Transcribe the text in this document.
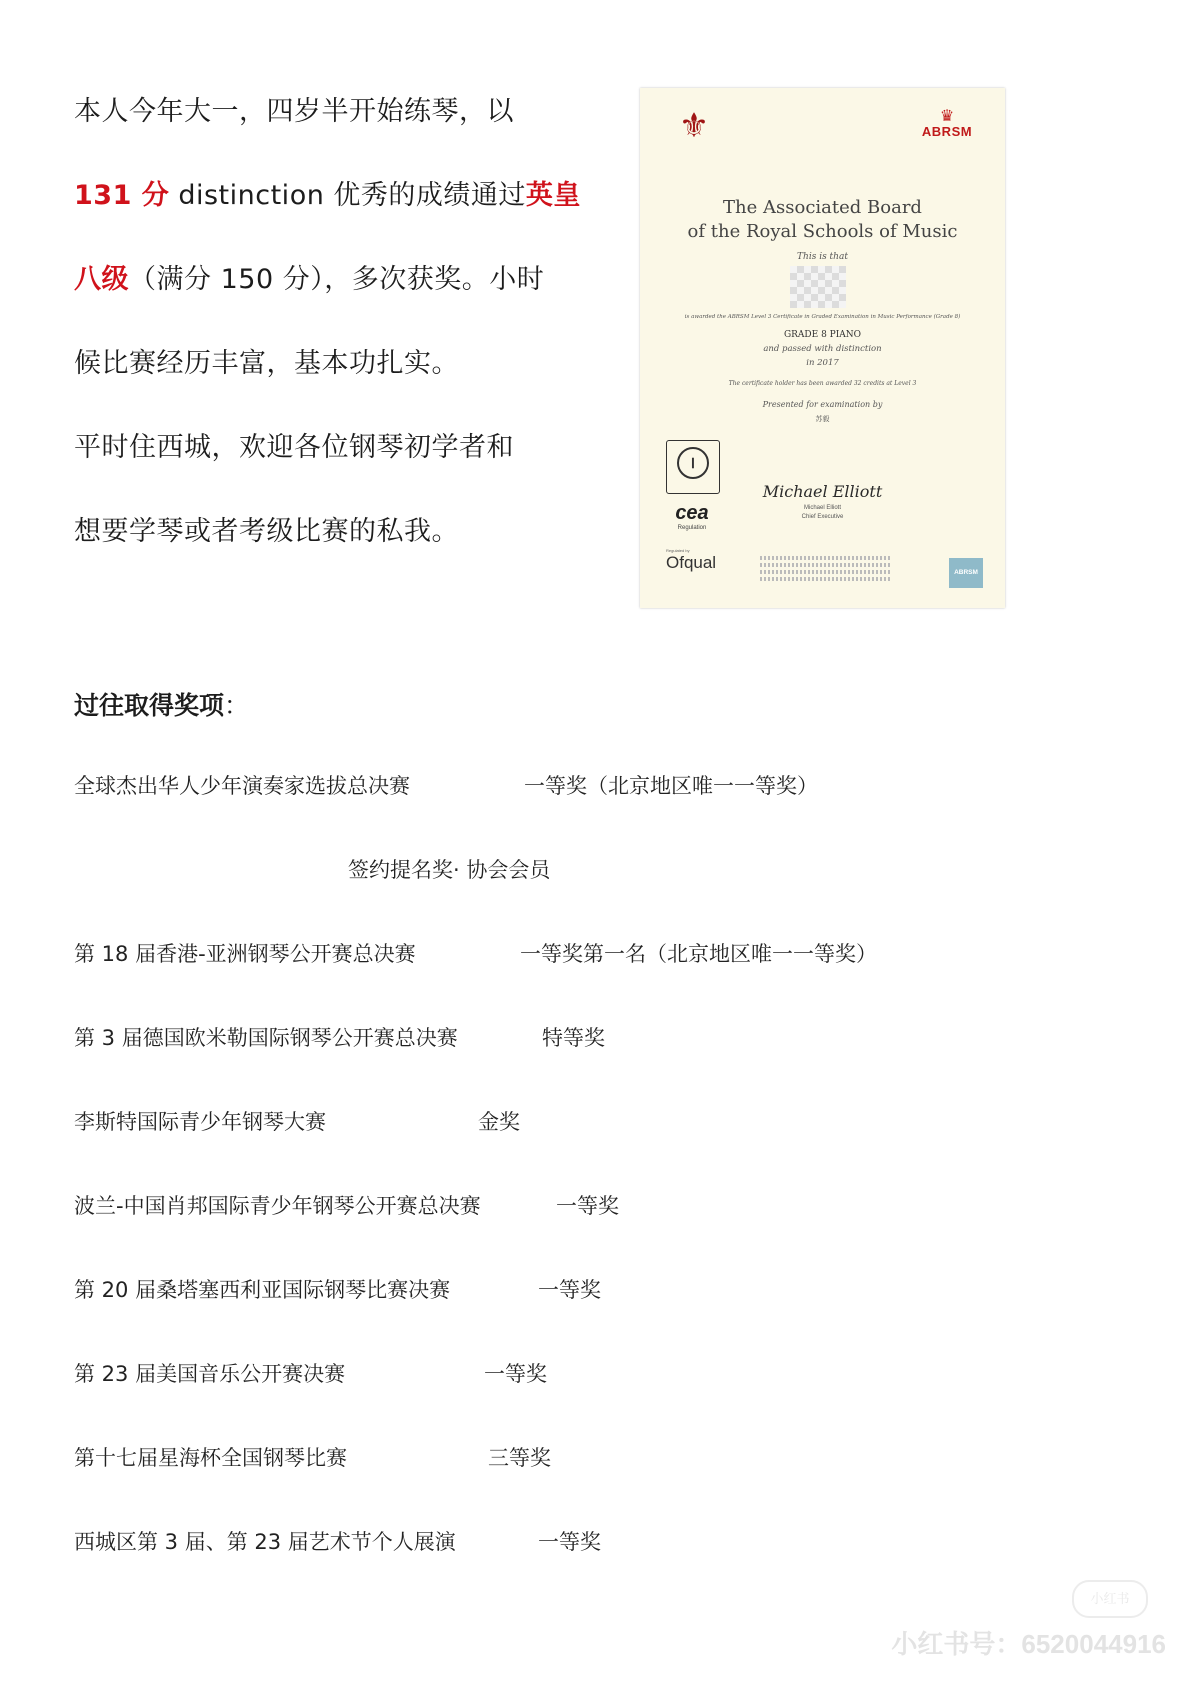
本人今年大一，四岁半开始练琴，以

131 分 distinction 优秀的成绩通过英皇

八级（满分 150 分），多次获奖。小时

候比赛经历丰富，基本功扎实。

平时住西城，欢迎各位钢琴初学者和

想要学琴或者考级比赛的私我。

⚜	♛
ABRSM
The Associated Board
of the Royal Schools of Music
This is that
is awarded the ABRSM Level 3 Certificate in Graded Examination in Music Performance (Grade 8)
GRADE 8 PIANO
and passed with distinction
in 2017
The certificate holder has been awarded 32 credits at Level 3
Presented for examination by
苏毅
Ⅰ
cea
Regulation
Regulated by
Ofqual
Michael Elliott
Michael Elliott
Chief Executive
ABRSM
过往取得奖项：
全球杰出华人少年演奏家选拔总决赛	一等奖（北京地区唯一一等奖）
签约提名奖· 协会会员
第 18 届香港-亚洲钢琴公开赛总决赛	一等奖第一名（北京地区唯一一等奖）
第 3 届德国欧米勒国际钢琴公开赛总决赛	特等奖
李斯特国际青少年钢琴大赛	金奖
波兰-中国肖邦国际青少年钢琴公开赛总决赛	一等奖
第 20 届桑塔塞西利亚国际钢琴比赛决赛	一等奖
第 23 届美国音乐公开赛决赛	一等奖
第十七届星海杯全国钢琴比赛	三等奖
西城区第 3 届、第 23 届艺术节个人展演	一等奖
小红书
小红书号：6520044916
